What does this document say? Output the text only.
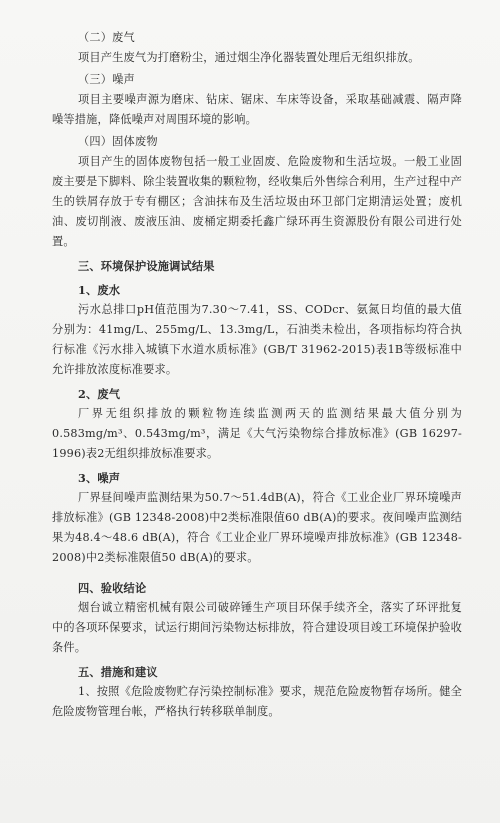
（二）废气

项目产生废气为打磨粉尘，通过烟尘净化器装置处理后无组织排放。

（三）噪声

项目主要噪声源为磨床、钻床、锯床、车床等设备，采取基础减震、隔声降噪等措施，降低噪声对周围环境的影响。

（四）固体废物

项目产生的固体废物包括一般工业固废、危险废物和生活垃圾。一般工业固废主要是下脚料、除尘装置收集的颗粒物，经收集后外售综合利用，生产过程中产生的铁屑存放于专有棚区；含油抹布及生活垃圾由环卫部门定期清运处置；废机油、废切削液、废液压油、废桶定期委托鑫广绿环再生资源股份有限公司进行处置。

三、环境保护设施调试结果
1、废水

污水总排口pH值范围为7.30～7.41，SS、CODcr、氨氮日均值的最大值分别为：41mg/L、255mg/L、13.3mg/L，石油类未检出，各项指标均符合执行标准《污水排入城镇下水道水质标准》(GB/T 31962-2015)表1B等级标准中允许排放浓度标准要求。

2、废气

厂界无组织排放的颗粒物连续监测两天的监测结果最大值分别为0.583mg/m³、0.543mg/m³，满足《大气污染物综合排放标准》(GB 16297-1996)表2无组织排放标准要求。

3、噪声

厂界昼间噪声监测结果为50.7～51.4dB(A)，符合《工业企业厂界环境噪声排放标准》(GB 12348-2008)中2类标准限值60 dB(A)的要求。夜间噪声监测结果为48.4～48.6 dB(A)，符合《工业企业厂界环境噪声排放标准》(GB 12348-2008)中2类标准限值50 dB(A)的要求。

四、验收结论

烟台诚立精密机械有限公司破碎锤生产项目环保手续齐全，落实了环评批复中的各项环保要求，试运行期间污染物达标排放，符合建设项目竣工环境保护验收条件。

五、措施和建议

1、按照《危险废物贮存污染控制标准》要求，规范危险废物暂存场所。健全危险废物管理台帐，严格执行转移联单制度。
